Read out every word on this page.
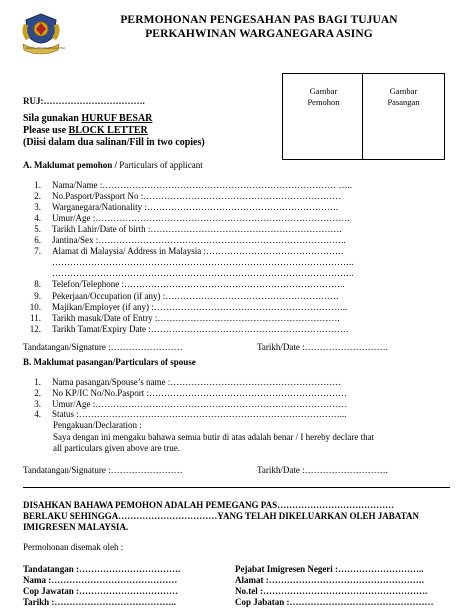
JABATAN IMIGRESEN MALAYSIA
PERMOHONAN PENGESAHAN PAS BAGI TUJUAN
PERKAHWINAN WARGANEGARA ASING
Gambar
Pemohon
Gambar
Pasangan
RUJ:…………………………….
Sila gunakan HURUF BESAR
Please use BLOCK LETTER
(Diisi dalam dua salinan/Fill in two copies)
A. Maklumat pemohon / Particulars of applicant
1. Nama/Name :…………………………………………………………………… …..
2. No.Pasport/Passport No :…………………………………………………………
3. Warganegara/Nationality :……………………………………………………….
4. Umur/Age :………………………………………………………………………….
5. Tarikh Lahir/Date of birth :……………………………………………………….
6. Jantina/Sex :………………………………………………………………………..
7. Alamat di Malaysia/ Address in Malaysia :……………………………………….
………………………………………………………………………………………..
………………………………………………………………………………………..
8. Telefon/Telephone :………………………………………………………………..
9. Pekerjaan/Occupation (if any) :………………………………………………….
10. Majikan/Employer (if any) :………………………………………………………..
11. Tarikh masuk/Date of Entry :…………………………………………………….
12. Tarikh Tamat/Expiry Date :…………………………………………………………
Tandatangan/Signature :……………………	Tarikh/Date :……………………….
B. Maklumat pasangan/Particulars of spouse
1. Nama pasangan/Spouse’s name :…………………………………………………
2. No KP/IC No/No.Pasport :…………………………………………………………
3. Umur/Age :…………………………………………………………………………
4. Status :……………………………………………………………………………...
Pengakuan/Declaration :
Saya dengan ini mengaku bahawa semua butir di atas adalah benar / I hereby declare that
all particulars given above are true.
Tandatangan/Signature :……………………	Tarikh/Date :……………………….
DISAHKAN BAHAWA PEMOHON ADALAH PEMEGANG PAS…………………………………
BERLAKU SEHINGGA……………………………YANG TELAH DIKELUARKAN OLEH JABATAN
IMIGRESEN MALAYSIA.
Permohonan disemak oleh :
Tandatangan :…………………………….
Nama :……………………………………
Cop Jawatan :……………………………
Tarikh :…………………………………..
Pejabat Imigresen Negeri :………………………..
Alamat :…………………………………………….
No.tel :……………………………………………….
Cop Jabatan :…………………………………………
